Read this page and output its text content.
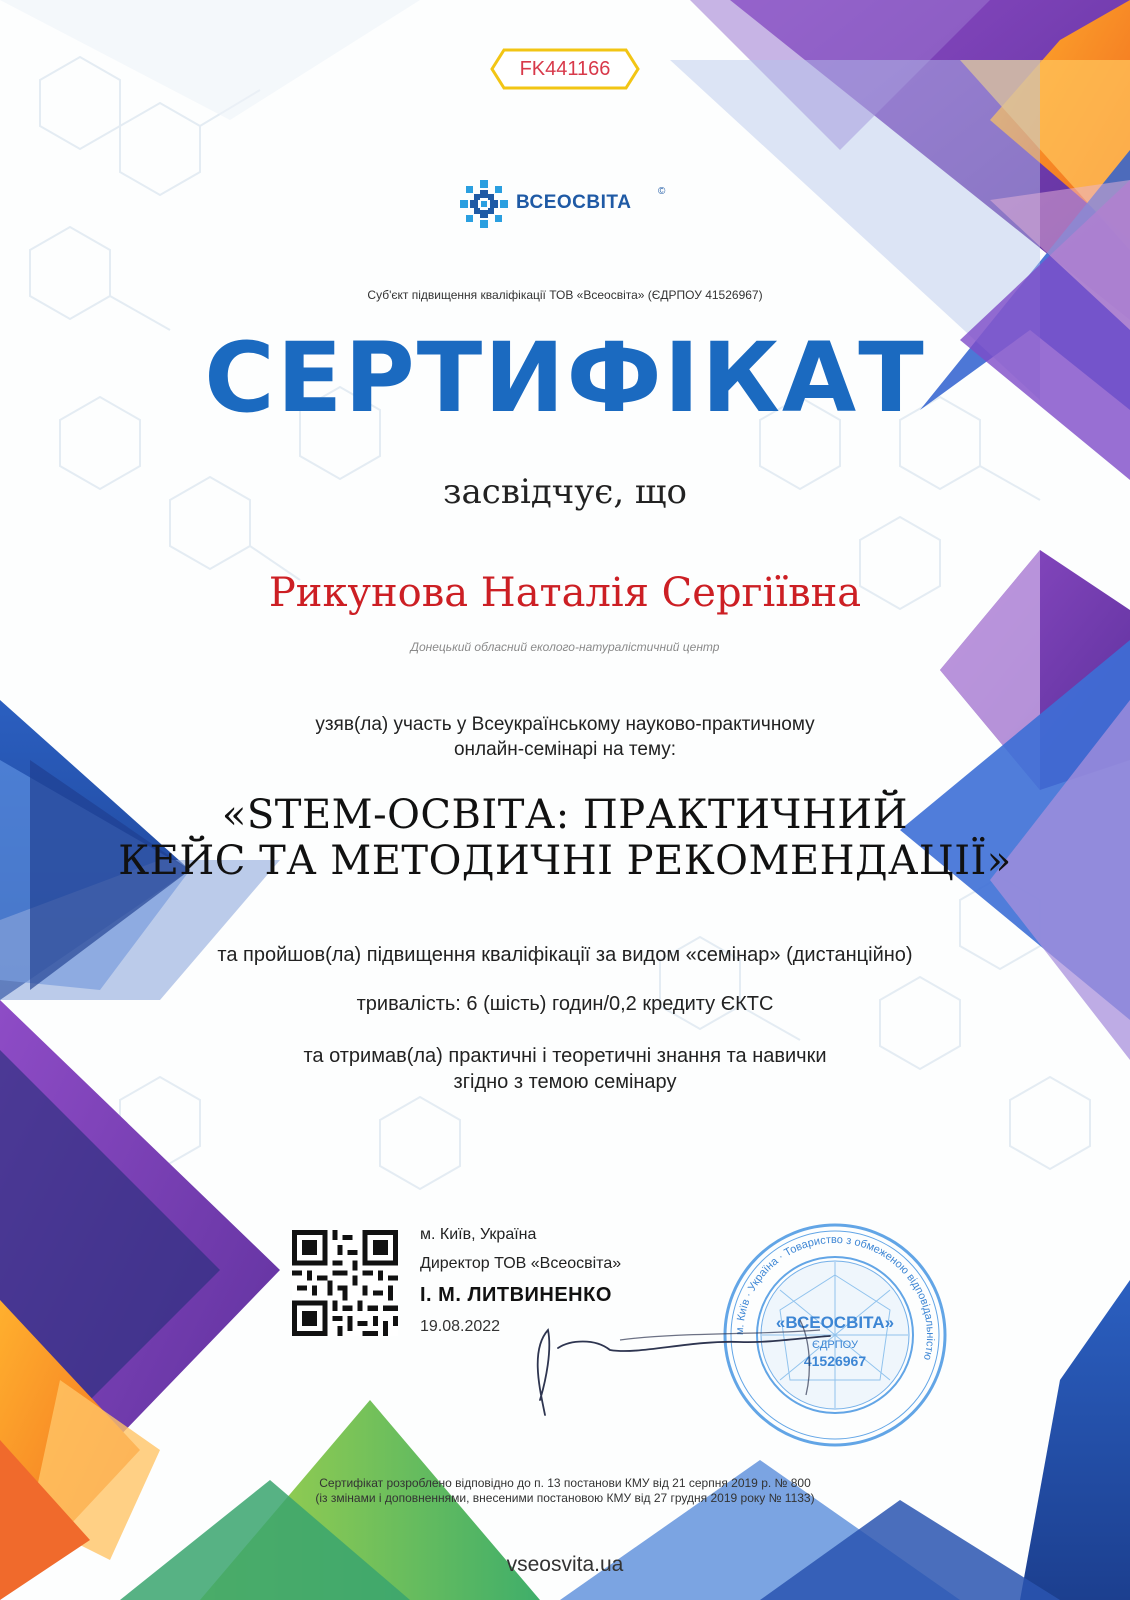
FK441166
ВСЕОСВІТА
©
Суб'єкт підвищення кваліфікації ТОВ «Всеосвіта» (ЄДРПОУ 41526967)
СЕРТИФІКАТ
засвідчує, що
Рикунова Наталія Сергіївна
Донецький обласний еколого-натуралістичний центр
узяв(ла) участь у Всеукраїнському науково-практичному
онлайн-семінарі на тему:
«STEM-ОСВІТА: ПРАКТИЧНИЙ
КЕЙС ТА МЕТОДИЧНІ РЕКОМЕНДАЦІЇ»
та пройшов(ла) підвищення кваліфікації за видом «семінар» (дистанційно)
тривалість: 6 (шість) годин/0,2 кредиту ЄКТС
та отримав(ла) практичні і теоретичні знання та навички
згідно з темою семінару
м. Київ, Україна
Директор ТОВ «Всеосвіта»
І. М. ЛИТВИНЕНКО
19.08.2022	м. Київ · Україна · Товариство з обмеженою відповідальністю
«ВСЕОСВІТА»
ЄДРПОУ
41526967
Сертифікат розроблено відповідно до п. 13 постанови КМУ від 21 серпня 2019 р. № 800
(із змінами і доповненнями, внесеними постановою КМУ від 27 грудня 2019 року № 1133)
vseosvita.ua
